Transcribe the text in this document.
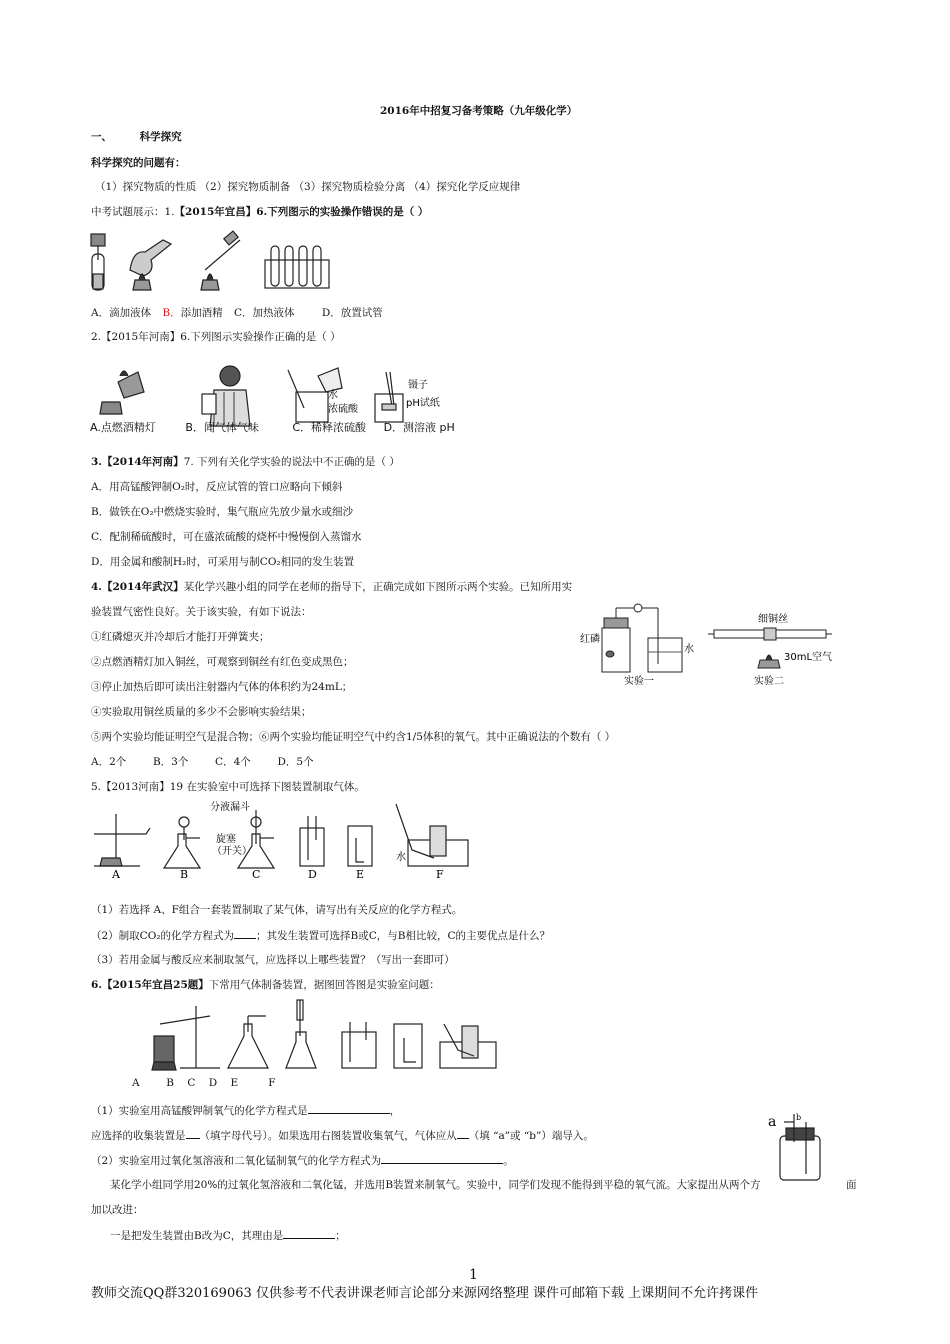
2016年中招复习备考策略（九年级化学）
一、	科学探究
科学探究的问题有：
（1）探究物质的性质 （2）探究物质制备 （3）探究物质检验分离 （4）探究化学反应规律
中考试题展示：1.【2015年宜昌】6.下列图示的实验操作错误的是（ ）
A．滴加液体 B．添加酒精 C．加热液体	D．放置试管
2.【2015年河南】6.下列图示实验操作正确的是（ ）
水
浓硫酸
镊子
pH试纸
A.点燃酒精灯	B．闻气体气味	C．稀释浓硫酸 D．测溶液 pH
3.【2014年河南】7. 下列有关化学实验的说法中不正确的是（ ）
A．用高锰酸钾制O₂时，反应试管的管口应略向下倾斜
B．做铁在O₂中燃烧实验时，集气瓶应先放少量水或细沙
C．配制稀硫酸时，可在盛浓硫酸的烧杯中慢慢倒入蒸馏水
D．用金属和酸制H₂时，可采用与制CO₂相同的发生装置
4.【2014年武汉】某化学兴趣小组的同学在老师的指导下，正确完成如下图所示两个实验。已知所用实
验装置气密性良好。关于该实验，有如下说法：
①红磷熄灭并冷却后才能打开弹簧夹；
②点燃酒精灯加入铜丝，可观察到铜丝有红色变成黑色；
③停止加热后即可读出注射器内气体的体积约为24mL；
④实验取用铜丝质量的多少不会影响实验结果；
⑤两个实验均能证明空气是混合物；⑥两个实验均能证明空气中约含1/5体积的氧气。其中正确说法的个数有（ ）
A．2个        B．3个        C．4个        D．5个
红磷
水
实验一
细铜丝
30mL空气
实验二
5.【2013河南】19 在实验室中可选择下图装置制取气体。
分液漏斗
旋塞
（开关）
水
A	B	C	D	E	F
（1）若选择 A、F组合一套装置制取了某气体，请写出有关反应的化学方程式。
（2）制取CO₂的化学方程式为 ；其发生装置可选择B或C，与B相比较，C的主要优点是什么？
（3）若用金属与酸反应来制取氢气，应选择以上哪些装置？（写出一套即可）
6.【2015年宜昌25题】下常用气体制备装置，据图回答图是实验室问题：
A        B    C    D    E         F
（1）实验室用高锰酸钾制氧气的化学方程式是	，
应选择的收集装置是 （填字母代号）。如果选用右图装置收集氧气，气体应从 （填 “a”或 “b”）端导入。
（2）实验室用过氧化氢溶液和二氧化锰制氧气的化学方程式为	。
某化学小组同学用20%的过氧化氢溶液和二氧化锰，并选用B装置来制氧气。实验中，同学们发现不能得到平稳的氧气流。大家提出从两个方	面
加以改进：
一是把发生装置由B改为C，其理由是	；
a b
1
教师交流QQ群320169063 仅供参考不代表讲课老师言论部分来源网络整理 课件可邮箱下载 上课期间不允许拷课件
